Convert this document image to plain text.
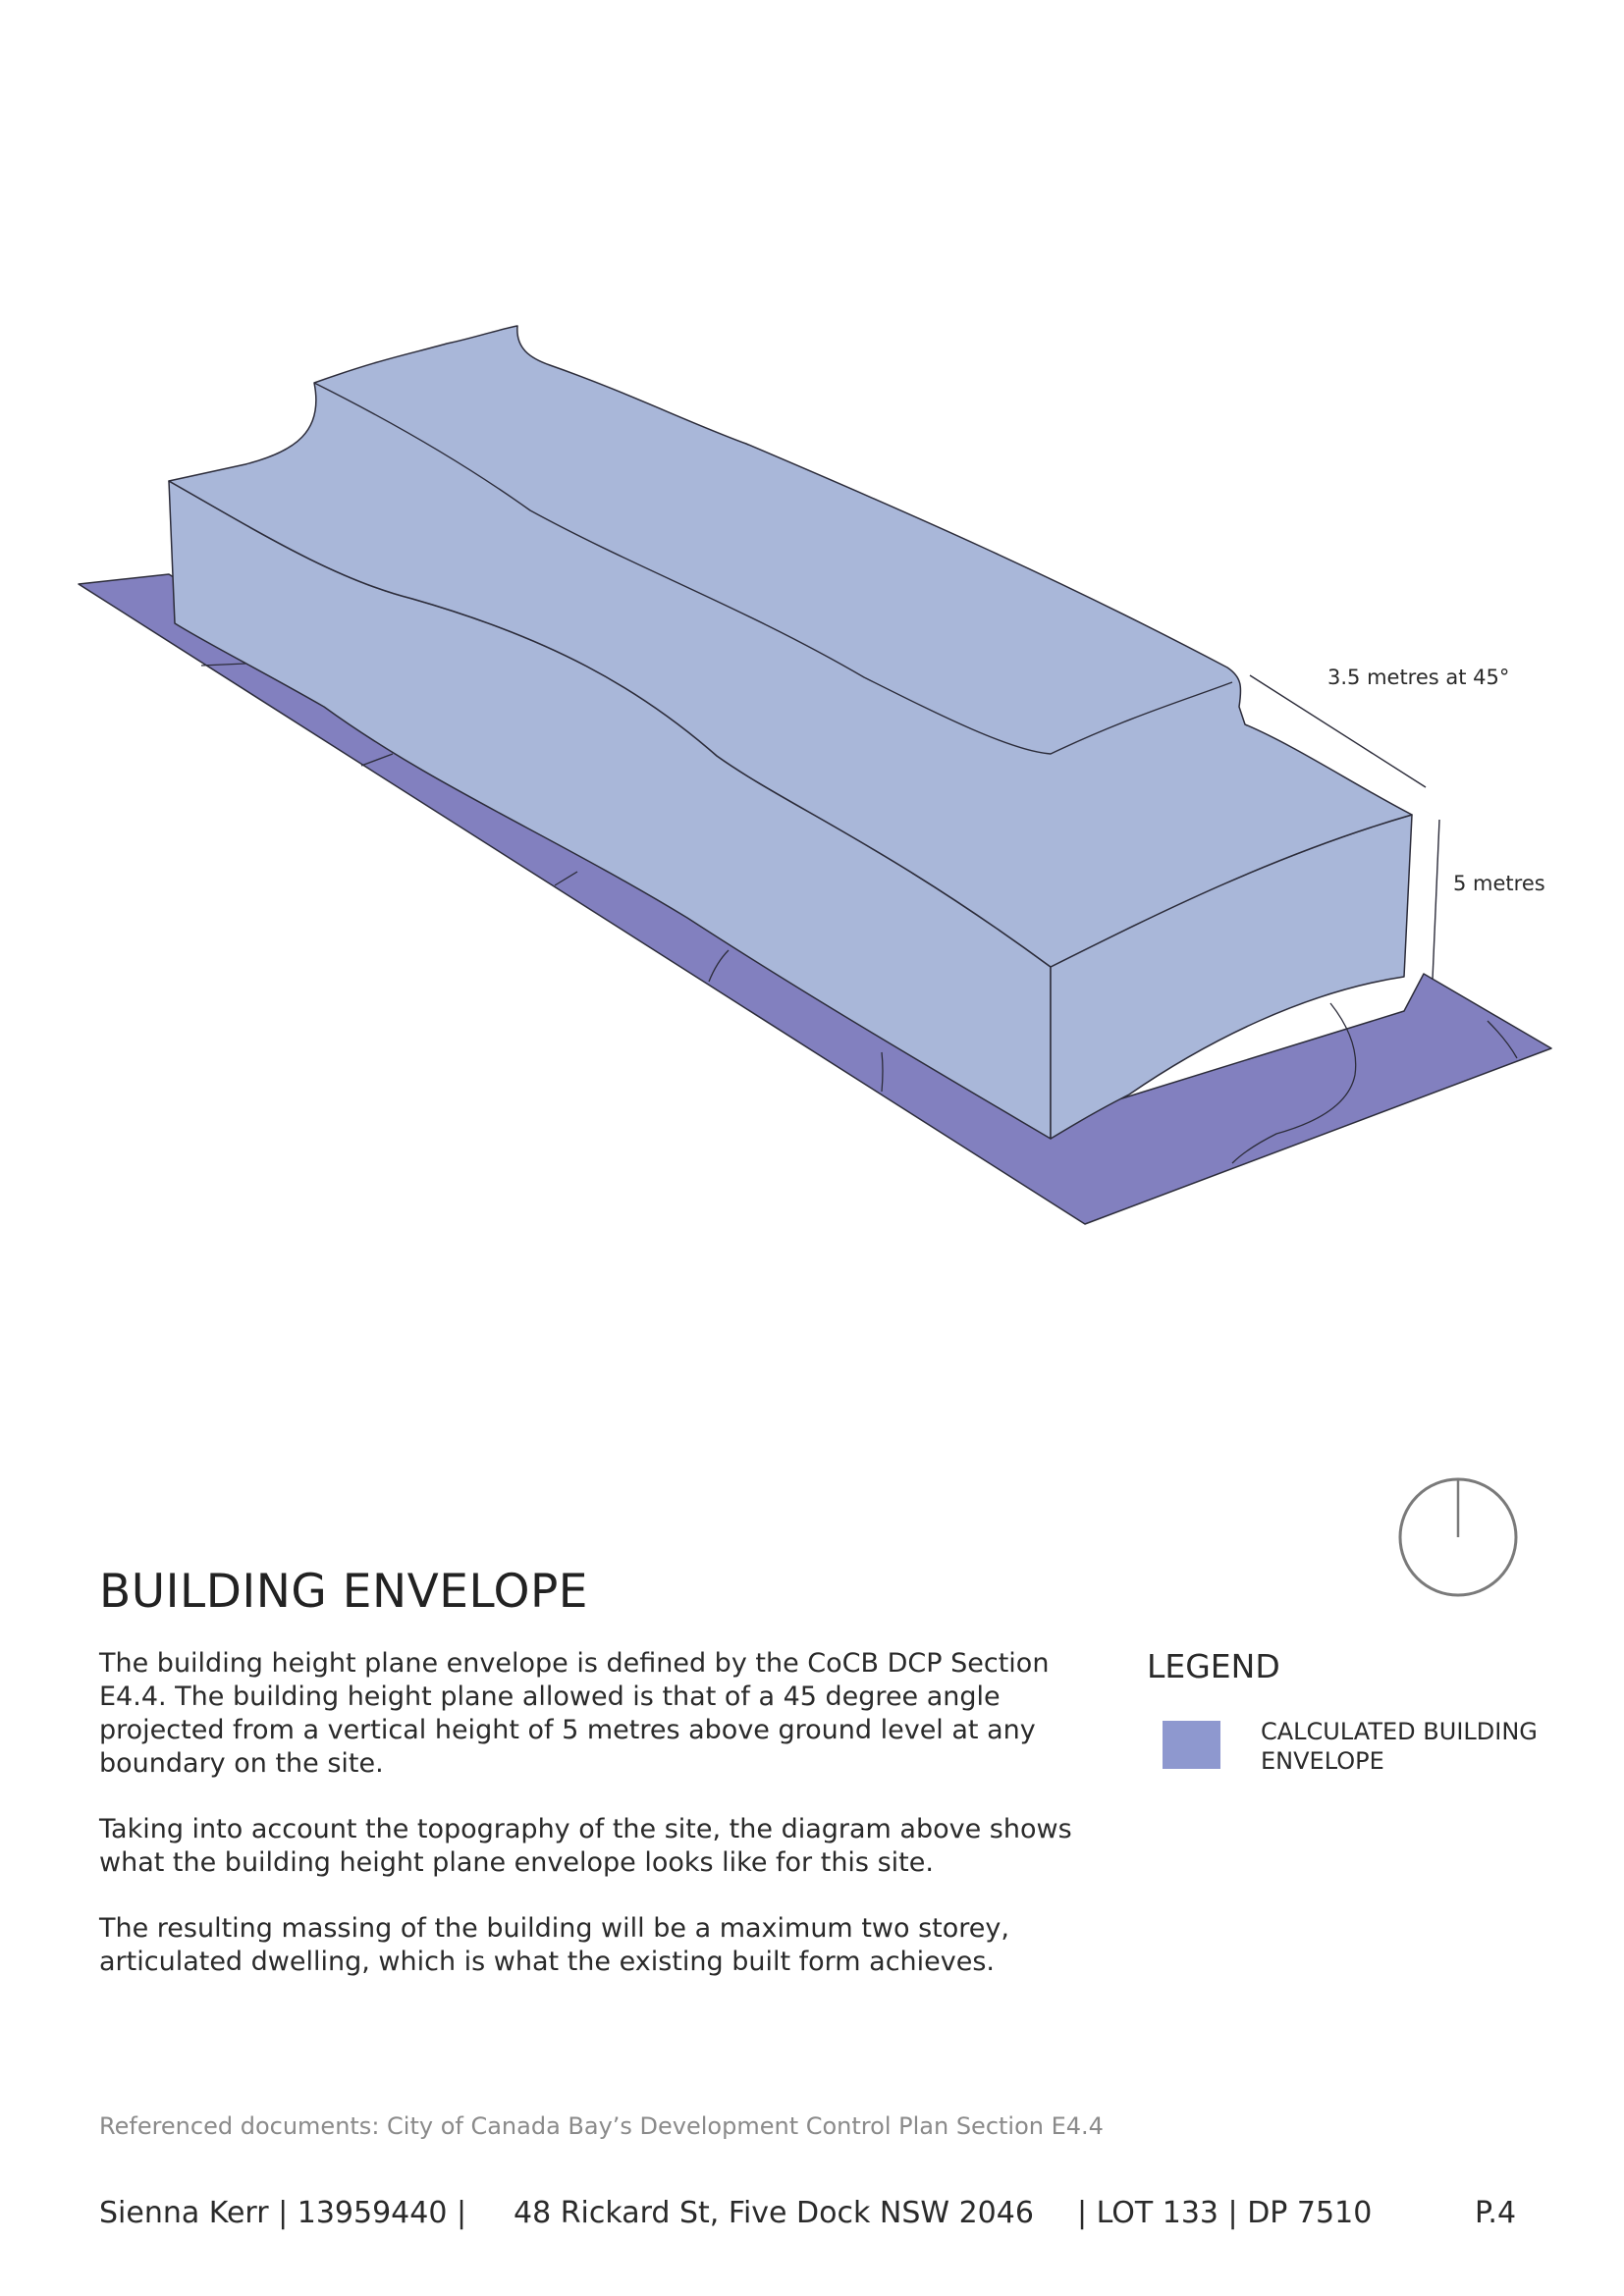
3.5 metres at 45°
5 metres
BUILDING ENVELOPE

The building height plane envelope is defined by the CoCB DCP Section E4.4. The building height plane allowed is that of a 45 degree angle projected from a vertical height of 5 metres above ground level at any boundary on the site.

Taking into account the topography of the site, the diagram above shows what the building height plane envelope looks like for this site.

The resulting massing of the building will be a maximum two storey, articulated dwelling, which is what the existing built form achieves.

LEGEND
CALCULATED BUILDING ENVELOPE
Referenced documents: City of Canada Bay’s Development Control Plan Section E4.4
Sienna Kerr | 13959440 | 48 Rickard St, Five Dock NSW 2046 | LOT 133 | DP 7510	P.4
